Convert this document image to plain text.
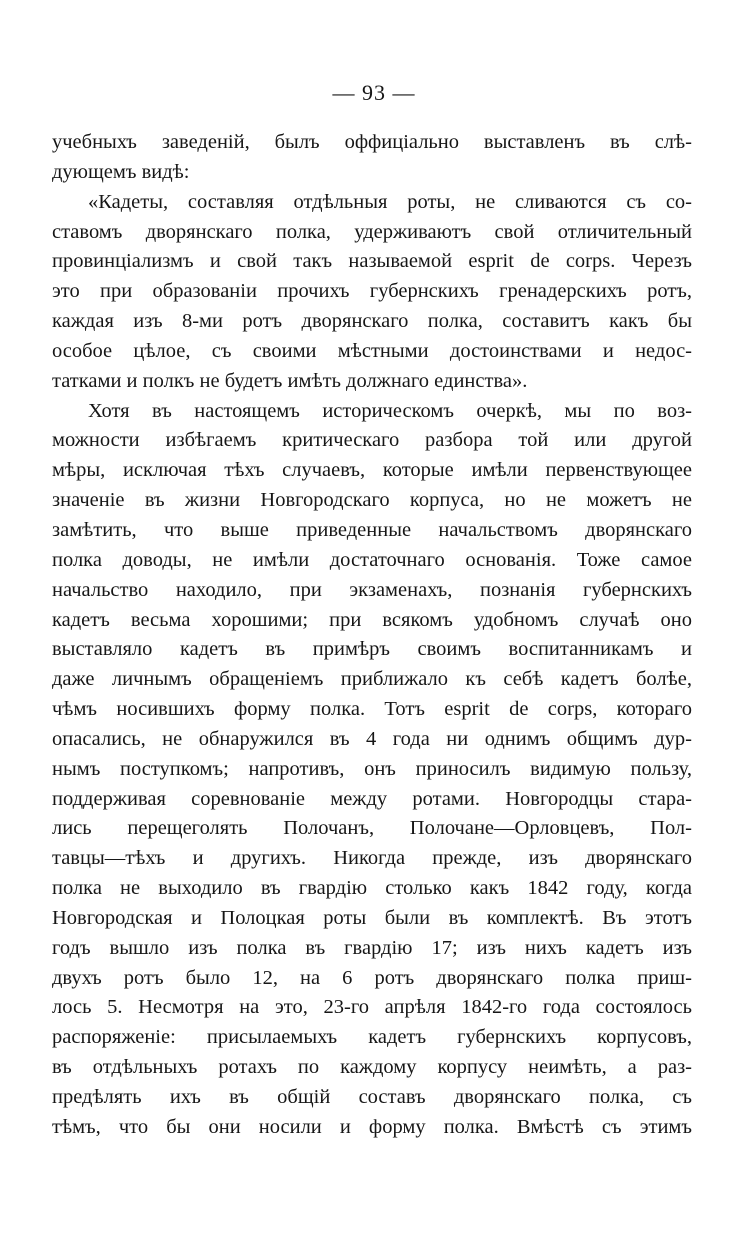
— 93 —
учебныхъ заведенiй, былъ оффицiально выставленъ въ слѣ-
дующемъ видѣ:
«Кадеты, составляя отдѣльныя роты, не сливаются съ со-
ставомъ дворянскаго полка, удерживаютъ свой отличительный
провинцiализмъ и свой такъ называемой esprit de corps. Черезъ
это при образованiи прочихъ губернскихъ гренадерскихъ ротъ,
каждая изъ 8-ми ротъ дворянскаго полка, составитъ какъ бы
особое цѣлое, съ своими мѣстными достоинствами и недос-
татками и полкъ не будетъ имѣть должнаго единства».
Хотя въ настоящемъ историческомъ очеркѣ, мы по воз-
можности избѣгаемъ критическаго разбора той или другой
мѣры, исключая тѣхъ случаевъ, которые имѣли первенствующее
значенiе въ жизни Новгородскаго корпуса, но не можетъ не
замѣтить, что выше приведенные начальствомъ дворянскаго
полка доводы, не имѣли достаточнаго основанiя. Тоже самое
начальство находило, при экзаменахъ, познанiя губернскихъ
кадетъ весьма хорошими; при всякомъ удобномъ случаѣ оно
выставляло кадетъ въ примѣръ своимъ воспитанникамъ и
даже личнымъ обращенiемъ приближало къ себѣ кадетъ болѣе,
чѣмъ носившихъ форму полка. Тотъ esprit de corps, котораго
опасались, не обнаружился въ 4 года ни однимъ общимъ дур-
нымъ поступкомъ; напротивъ, онъ приносилъ видимую пользу,
поддерживая соревнованiе между ротами. Новгородцы стара-
лись перещеголять Полочанъ, Полочане—Орловцевъ, Пол-
тавцы—тѣхъ и другихъ. Никогда прежде, изъ дворянскаго
полка не выходило въ гвардiю столько какъ 1842 году, когда
Новгородская и Полоцкая роты были въ комплектѣ. Въ этотъ
годъ вышло изъ полка въ гвардiю 17; изъ нихъ кадетъ изъ
двухъ ротъ было 12, на 6 ротъ дворянскаго полка приш-
лось 5. Несмотря на это, 23-го апрѣля 1842-го года состоялось
распоряженiе: присылаемыхъ кадетъ губернскихъ корпусовъ,
въ отдѣльныхъ ротахъ по каждому корпусу неимѣть, а раз-
предѣлять ихъ въ общiй составъ дворянскаго полка, съ
тѣмъ, что бы они носили и форму полка. Вмѣстѣ съ этимъ
